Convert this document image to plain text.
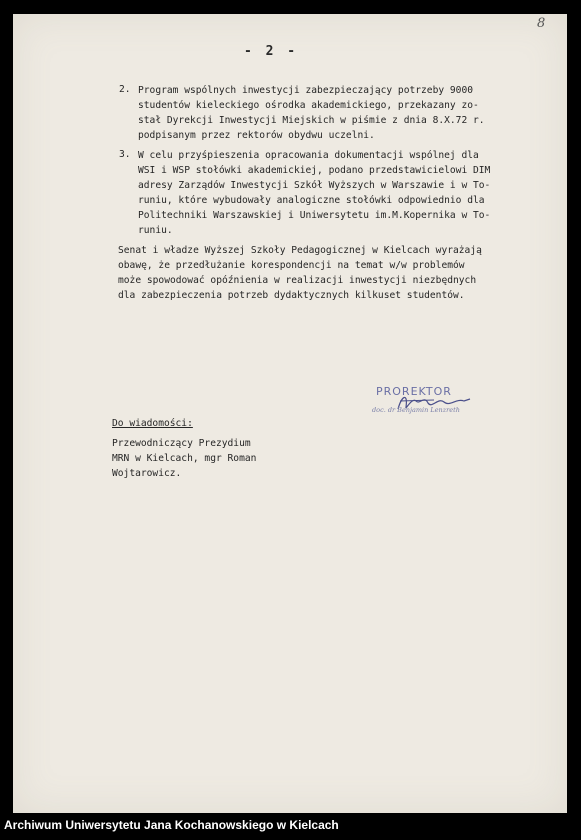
8
- 2 -
2. Program wspólnych inwestycji zabezpieczający potrzeby 9000
studentów kieleckiego ośrodka akademickiego, przekazany zo-
stał Dyrekcji Inwestycji Miejskich w piśmie z dnia 8.X.72 r.
podpisanym przez rektorów obydwu uczelni.
3. W celu przyśpieszenia opracowania dokumentacji wspólnej dla
WSI i WSP stołówki akademickiej, podano przedstawicielowi DIM
adresy Zarządów Inwestycji Szkół Wyższych w Warszawie i w To-
runiu, które wybudowały analogiczne stołówki odpowiednio dla
Politechniki Warszawskiej i Uniwersytetu im.M.Kopernika w To-
runiu.
Senat i władze Wyższej Szkoły Pedagogicznej w Kielcach wyrażają
obawę, że przedłużanie korespondencji na temat w/w problemów
może spowodować opóźnienia w realizacji inwestycji niezbędnych
dla zabezpieczenia potrzeb dydaktycznych kilkuset studentów.
PROREKTOR
doc. dr Benjamin Lenzreth
Do wiadomości:
Przewodniczący Prezydium
MRN w Kielcach, mgr Roman
Wojtarowicz.
Archiwum Uniwersytetu Jana Kochanowskiego w Kielcach
